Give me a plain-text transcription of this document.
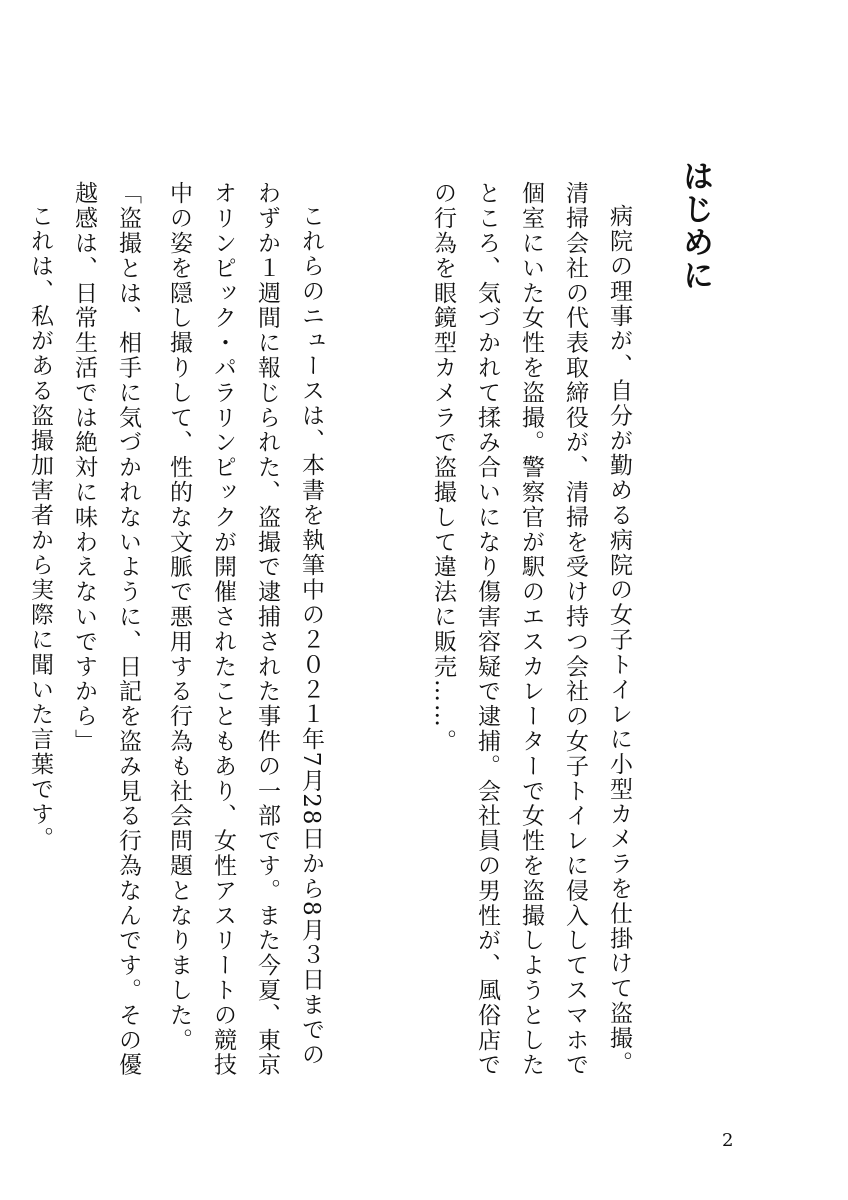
はじめに

病院の理事が、自分が勤める病院の女子トイレに小型カメラを仕掛けて盗撮。清掃会社の代表取締役が、清掃を受け持つ会社の女子トイレに侵入してスマホで個室にいた女性を盗撮。警察官が駅のエスカレーターで女性を盗撮しようとしたところ、気づかれて揉み合いになり傷害容疑で逮捕。会社員の男性が、風俗店での行為を眼鏡型カメラで盗撮して違法に販売……。

これらのニュースは、本書を執筆中の２０２１年7月28日から8月３日までのわずか１週間に報じられた、盗撮で逮捕された事件の一部です。また今夏、東京オリンピック・パラリンピックが開催されたこともあり、女性アスリートの競技中の姿を隠し撮りして、性的な文脈で悪用する行為も社会問題となりました。

「盗撮とは、相手に気づかれないように、日記を盗み見る行為なんです。その優越感は、日常生活では絶対に味わえないですから」

これは、私がある盗撮加害者から実際に聞いた言葉です。

2
